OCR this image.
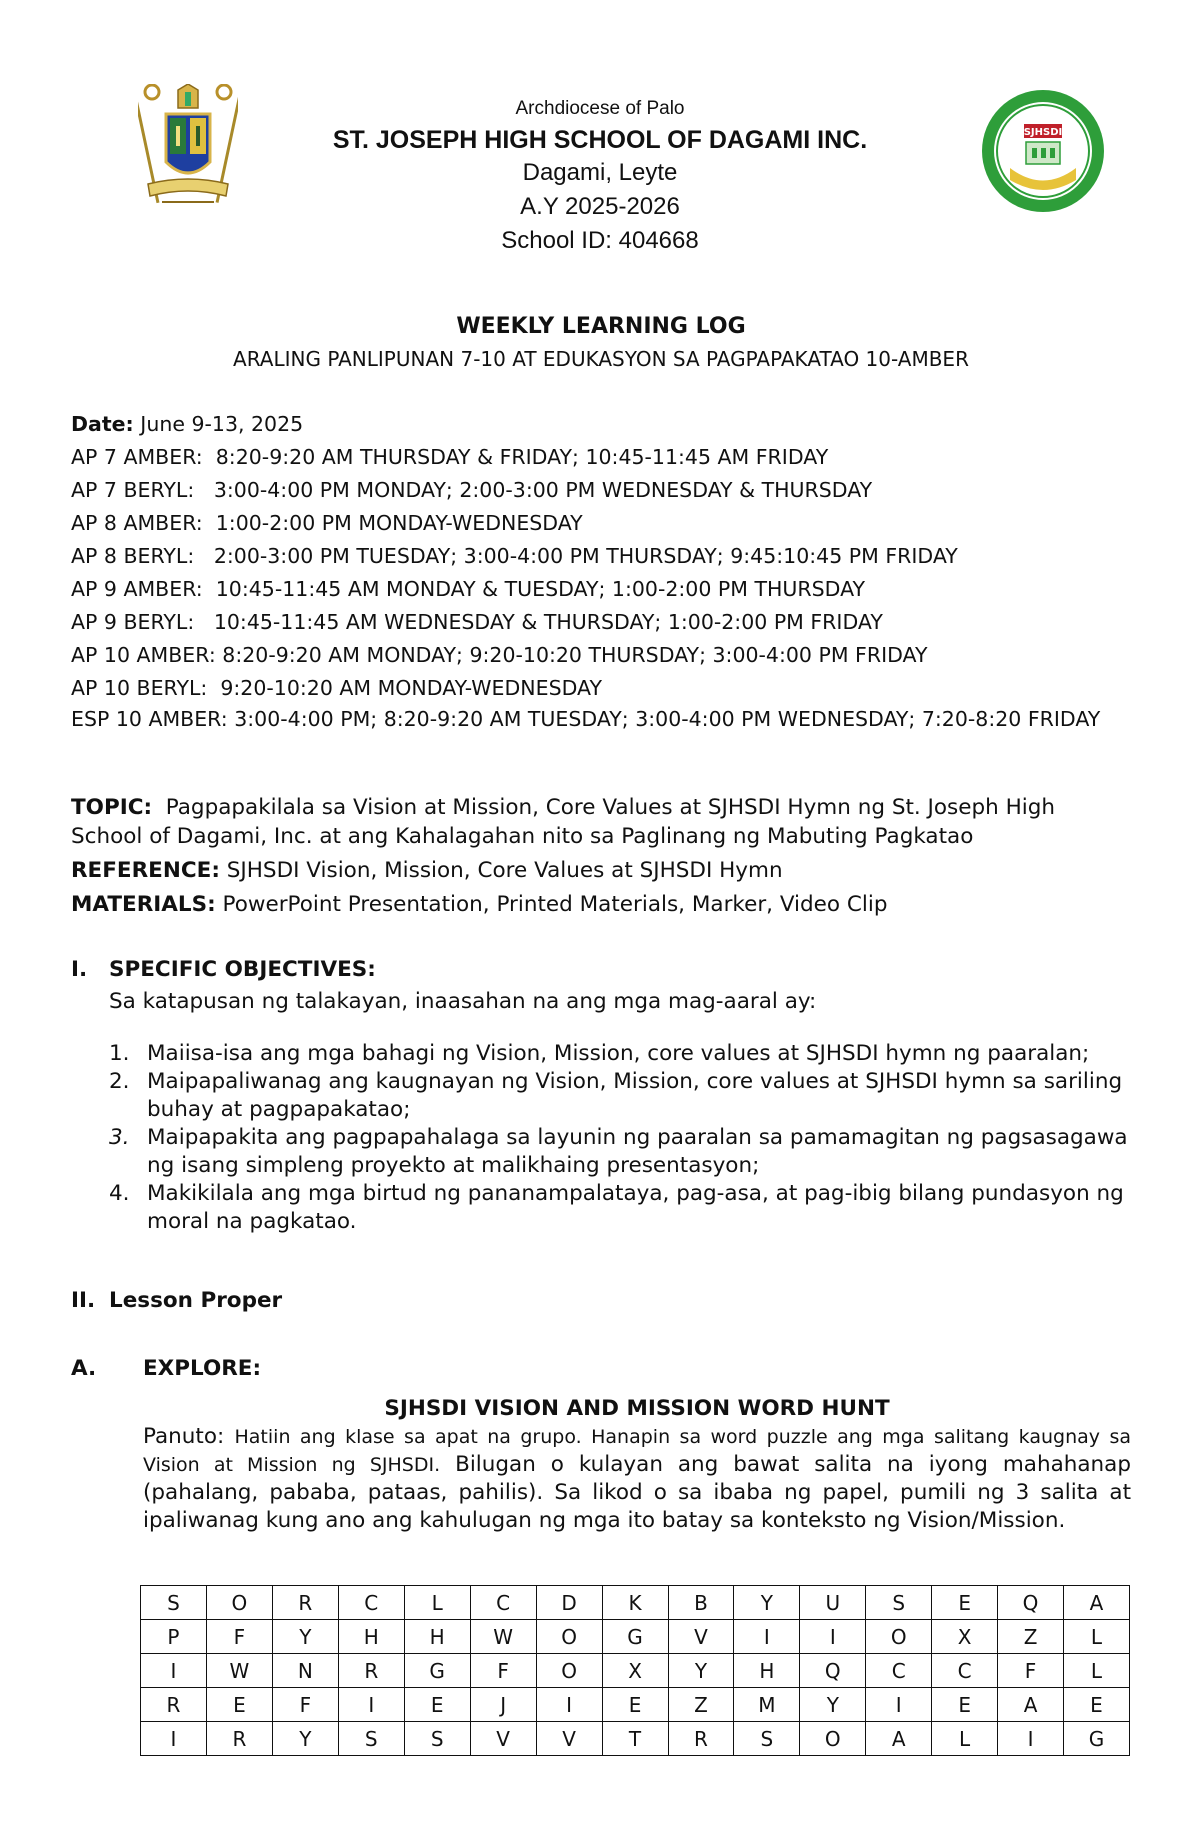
Archdiocese of Palo
ST. JOSEPH HIGH SCHOOL OF DAGAMI INC.
Dagami, Leyte
A.Y 2025-2026
School ID: 404668
SJHSDI
WEEKLY LEARNING LOG
ARALING PANLIPUNAN 7-10 AT EDUKASYON SA PAGPAPAKATAO 10-AMBER
Date: June 9-13, 2025
AP 7 AMBER: 8:20-9:20 AM THURSDAY & FRIDAY; 10:45-11:45 AM FRIDAY
AP 7 BERYL: 3:00-4:00 PM MONDAY; 2:00-3:00 PM WEDNESDAY & THURSDAY
AP 8 AMBER: 1:00-2:00 PM MONDAY-WEDNESDAY
AP 8 BERYL: 2:00-3:00 PM TUESDAY; 3:00-4:00 PM THURSDAY; 9:45:10:45 PM FRIDAY
AP 9 AMBER: 10:45-11:45 AM MONDAY & TUESDAY; 1:00-2:00 PM THURSDAY
AP 9 BERYL: 10:45-11:45 AM WEDNESDAY & THURSDAY; 1:00-2:00 PM FRIDAY
AP 10 AMBER: 8:20-9:20 AM MONDAY; 9:20-10:20 THURSDAY; 3:00-4:00 PM FRIDAY
AP 10 BERYL: 9:20-10:20 AM MONDAY-WEDNESDAY
ESP 10 AMBER: 3:00-4:00 PM; 8:20-9:20 AM TUESDAY; 3:00-4:00 PM WEDNESDAY; 7:20-8:20 FRIDAY

TOPIC: Pagpapakilala sa Vision at Mission, Core Values at SJHSDI Hymn ng St. Joseph High School of Dagami, Inc. at ang Kahalagahan nito sa Paglinang ng Mabuting Pagkatao

REFERENCE: SJHSDI Vision, Mission, Core Values at SJHSDI Hymn

MATERIALS: PowerPoint Presentation, Printed Materials, Marker, Video Clip

I.	SPECIFIC OBJECTIVES:
Sa katapusan ng talakayan, inaasahan na ang mga mag-aaral ay:
1. Maiisa-isa ang mga bahagi ng Vision, Mission, core values at SJHSDI hymn ng paaralan;
2. Maipapaliwanag ang kaugnayan ng Vision, Mission, core values at SJHSDI hymn sa sariling buhay at pagpapakatao;
3. Maipapakita ang pagpapahalaga sa layunin ng paaralan sa pamamagitan ng pagsasagawa ng isang simpleng proyekto at malikhaing presentasyon;
4. Makikilala ang mga birtud ng pananampalataya, pag-asa, at pag-ibig bilang pundasyon ng moral na pagkatao.
II. Lesson Proper
A.	EXPLORE:
SJHSDI VISION AND MISSION WORD HUNT
Panuto: Hatiin ang klase sa apat na grupo. Hanapin sa word puzzle ang mga salitang kaugnay sa Vision at Mission ng SJHSDI. Bilugan o kulayan ang bawat salita na iyong mahahanap (pahalang, pababa, pataas, pahilis). Sa likod o sa ibaba ng papel, pumili ng 3 salita at ipaliwanag kung ano ang kahulugan ng mga ito batay sa konteksto ng Vision/Mission.
S	O	R	C	L	C	D	K	B	Y	U	S	E	Q	A
P	F	Y	H	H	W	O	G	V	I	I	O	X	Z	L
I	W	N	R	G	F	O	X	Y	H	Q	C	C	F	L
R	E	F	I	E	J	I	E	Z	M	Y	I	E	A	E
I	R	Y	S	S	V	V	T	R	S	O	A	L	I	G
